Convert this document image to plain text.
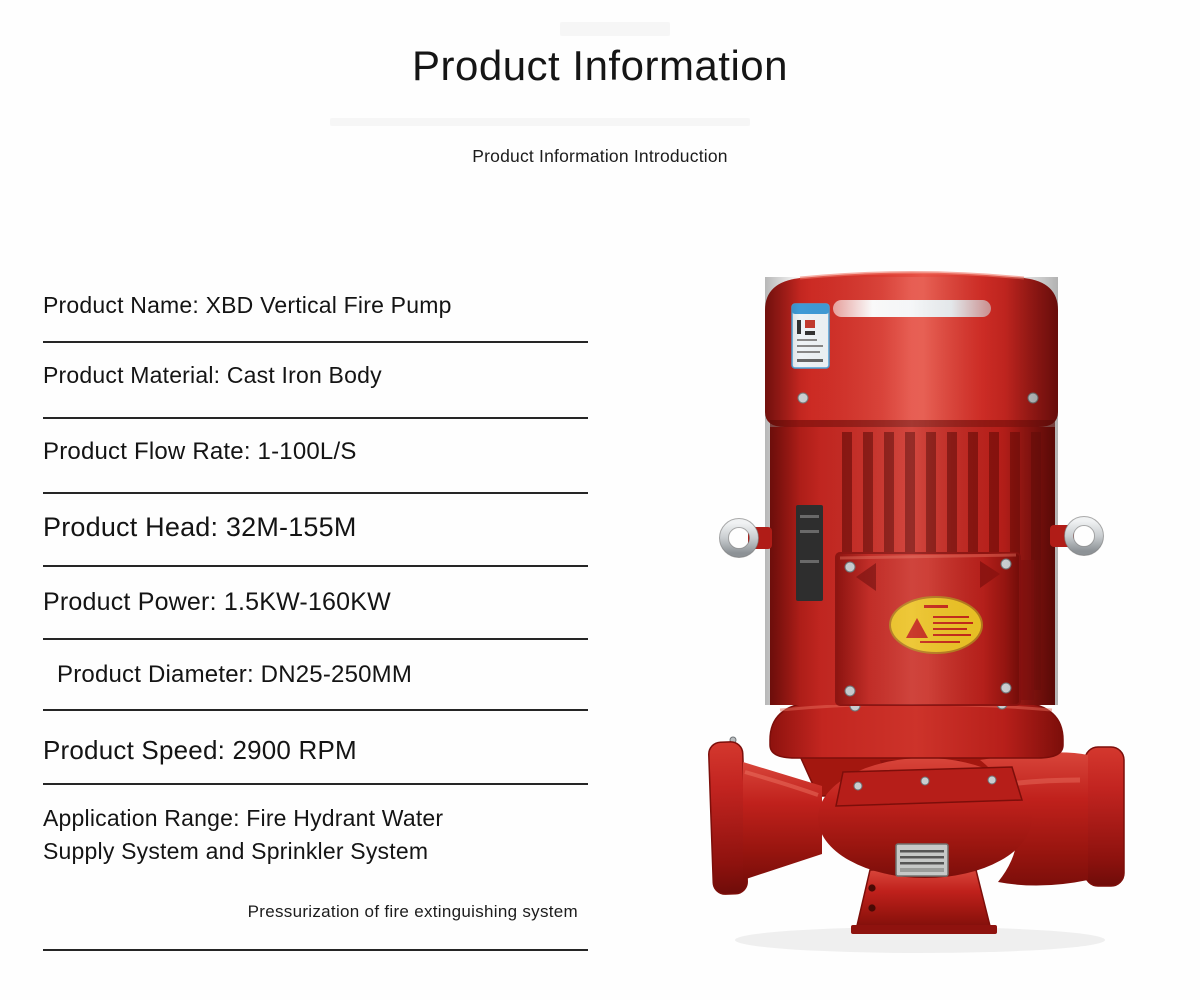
Product Information
Product Information Introduction
Product Name: XBD Vertical Fire Pump
Product Material: Cast Iron Body
Product Flow Rate: 1-100L/S
Product Head: 32M-155M
Product Power: 1.5KW-160KW
Product Diameter: DN25-250MM
Product Speed: 2900 RPM
Application Range: Fire Hydrant Water
Supply System and Sprinkler System
Pressurization of fire extinguishing system
